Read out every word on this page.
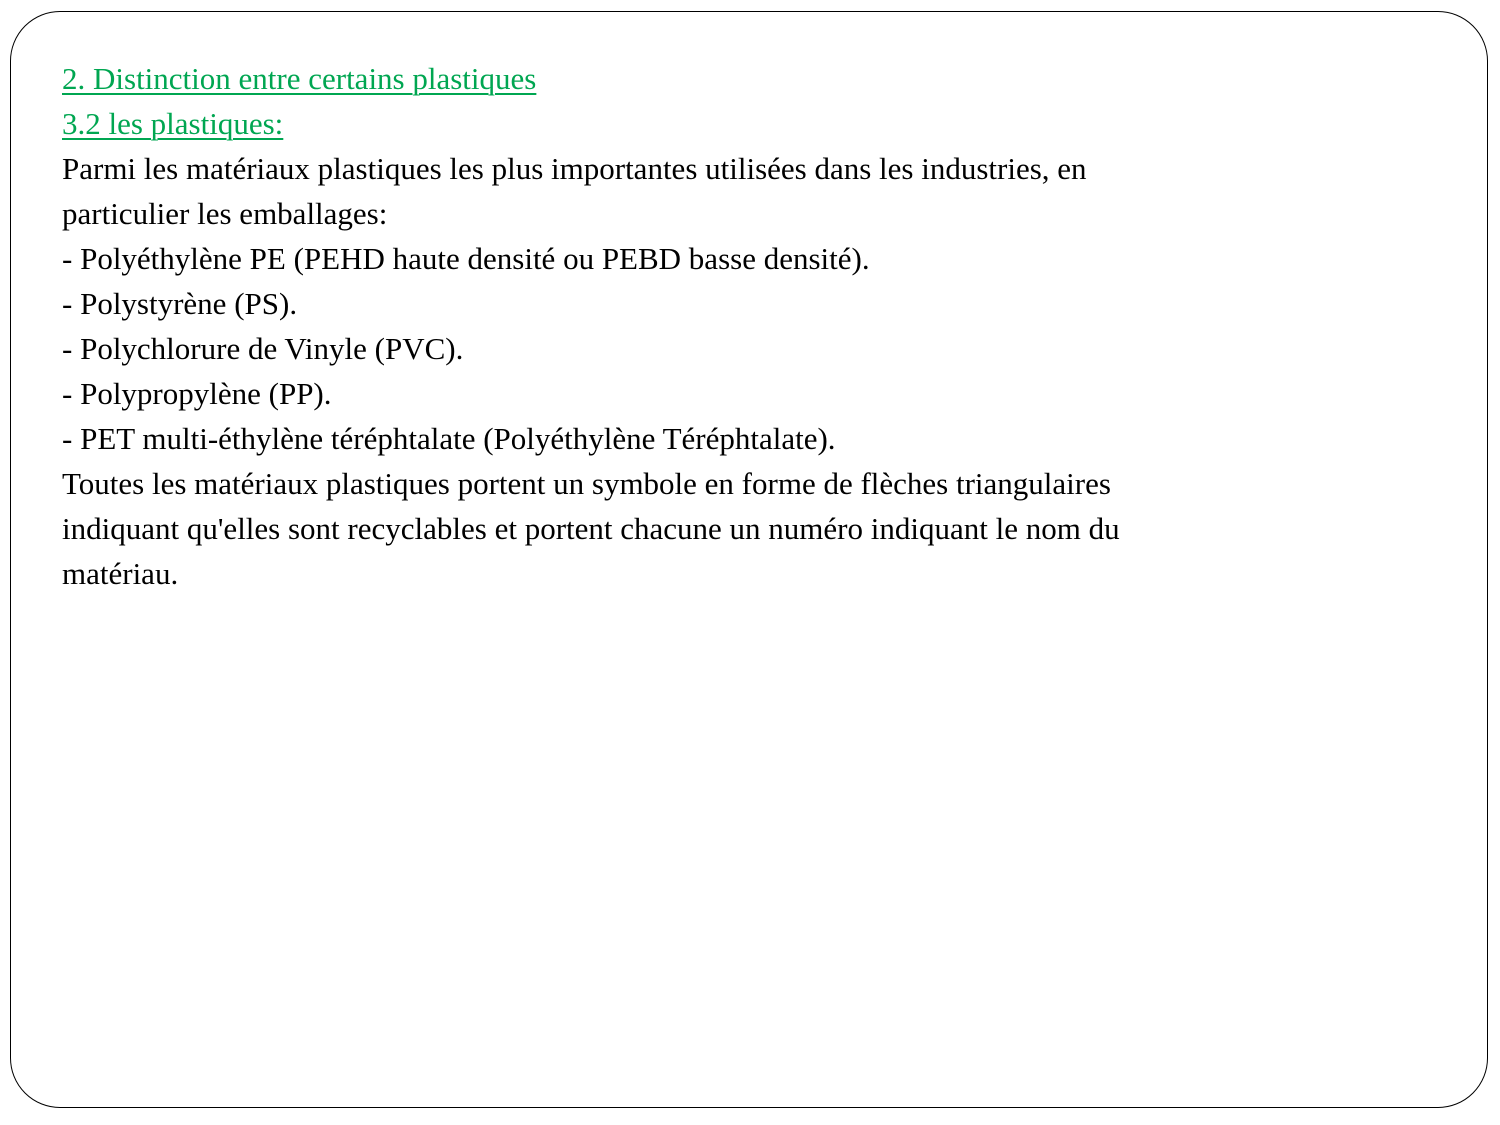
2. Distinction entre certains plastiques
3.2 les plastiques:
Parmi les matériaux plastiques les plus importantes utilisées dans les industries, en
particulier les emballages:
- Polyéthylène PE (PEHD haute densité ou PEBD basse densité).
- Polystyrène (PS).
- Polychlorure de Vinyle (PVC).
- Polypropylène (PP).
- PET multi-éthylène téréphtalate (Polyéthylène Téréphtalate).
Toutes les matériaux plastiques portent un symbole en forme de flèches triangulaires
indiquant qu'elles sont recyclables et portent chacune un numéro indiquant le nom du
matériau.
